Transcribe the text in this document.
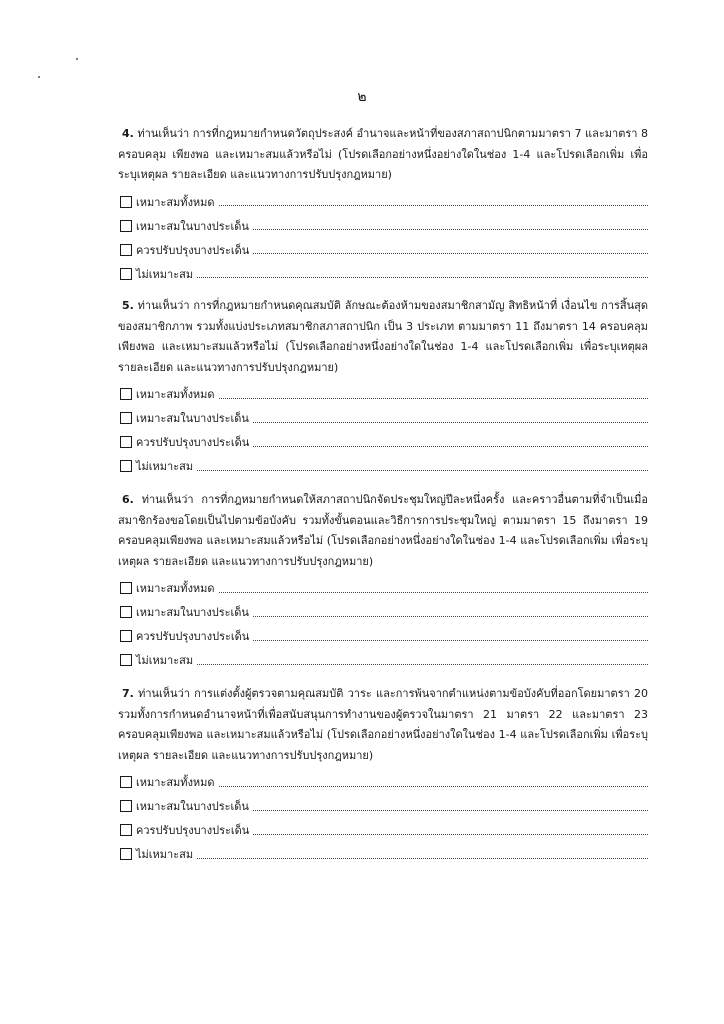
๒

4. ท่านเห็นว่า การที่กฎหมายกำหนดวัตถุประสงค์ อำนาจและหน้าที่ของสภาสถาปนิกตามมาตรา 7 และมาตรา 8 ครอบคลุม เพียงพอ และเหมาะสมแล้วหรือไม่ (โปรดเลือกอย่างหนึ่งอย่างใดในช่อง 1-4 และโปรดเลือกเพิ่ม เพื่อระบุเหตุผล รายละเอียด และแนวทางการปรับปรุงกฎหมาย)

เหมาะสมทั้งหมด
เหมาะสมในบางประเด็น
ควรปรับปรุงบางประเด็น
ไม่เหมาะสม

5. ท่านเห็นว่า การที่กฎหมายกำหนดคุณสมบัติ ลักษณะต้องห้ามของสมาชิกสามัญ สิทธิหน้าที่ เงื่อนไข การสิ้นสุดของสมาชิกภาพ รวมทั้งแบ่งประเภทสมาชิกสภาสถาปนิก เป็น 3 ประเภท ตามมาตรา 11 ถึงมาตรา 14 ครอบคลุม เพียงพอ และเหมาะสมแล้วหรือไม่ (โปรดเลือกอย่างหนึ่งอย่างใดในช่อง 1-4 และโปรดเลือกเพิ่ม เพื่อระบุเหตุผล รายละเอียด และแนวทางการปรับปรุงกฎหมาย)

เหมาะสมทั้งหมด
เหมาะสมในบางประเด็น
ควรปรับปรุงบางประเด็น
ไม่เหมาะสม

6. ท่านเห็นว่า การที่กฎหมายกำหนดให้สภาสถาปนิกจัดประชุมใหญ่ปีละหนึ่งครั้ง และคราวอื่นตามที่จำเป็นเมื่อสมาชิกร้องขอโดยเป็นไปตามข้อบังคับ รวมทั้งขั้นตอนและวิธีการการประชุมใหญ่ ตามมาตรา 15 ถึงมาตรา 19 ครอบคลุมเพียงพอ และเหมาะสมแล้วหรือไม่ (โปรดเลือกอย่างหนึ่งอย่างใดในช่อง 1-4 และโปรดเลือกเพิ่ม เพื่อระบุเหตุผล รายละเอียด และแนวทางการปรับปรุงกฎหมาย)

เหมาะสมทั้งหมด
เหมาะสมในบางประเด็น
ควรปรับปรุงบางประเด็น
ไม่เหมาะสม

7. ท่านเห็นว่า การแต่งตั้งผู้ตรวจตามคุณสมบัติ วาระ และการพ้นจากตำแหน่งตามข้อบังคับที่ออกโดยมาตรา 20 รวมทั้งการกำหนดอำนาจหน้าที่เพื่อสนับสนุนการทำงานของผู้ตรวจในมาตรา 21 มาตรา 22 และมาตรา 23 ครอบคลุมเพียงพอ และเหมาะสมแล้วหรือไม่ (โปรดเลือกอย่างหนึ่งอย่างใดในช่อง 1-4 และโปรดเลือกเพิ่ม เพื่อระบุเหตุผล รายละเอียด และแนวทางการปรับปรุงกฎหมาย)

เหมาะสมทั้งหมด
เหมาะสมในบางประเด็น
ควรปรับปรุงบางประเด็น
ไม่เหมาะสม
